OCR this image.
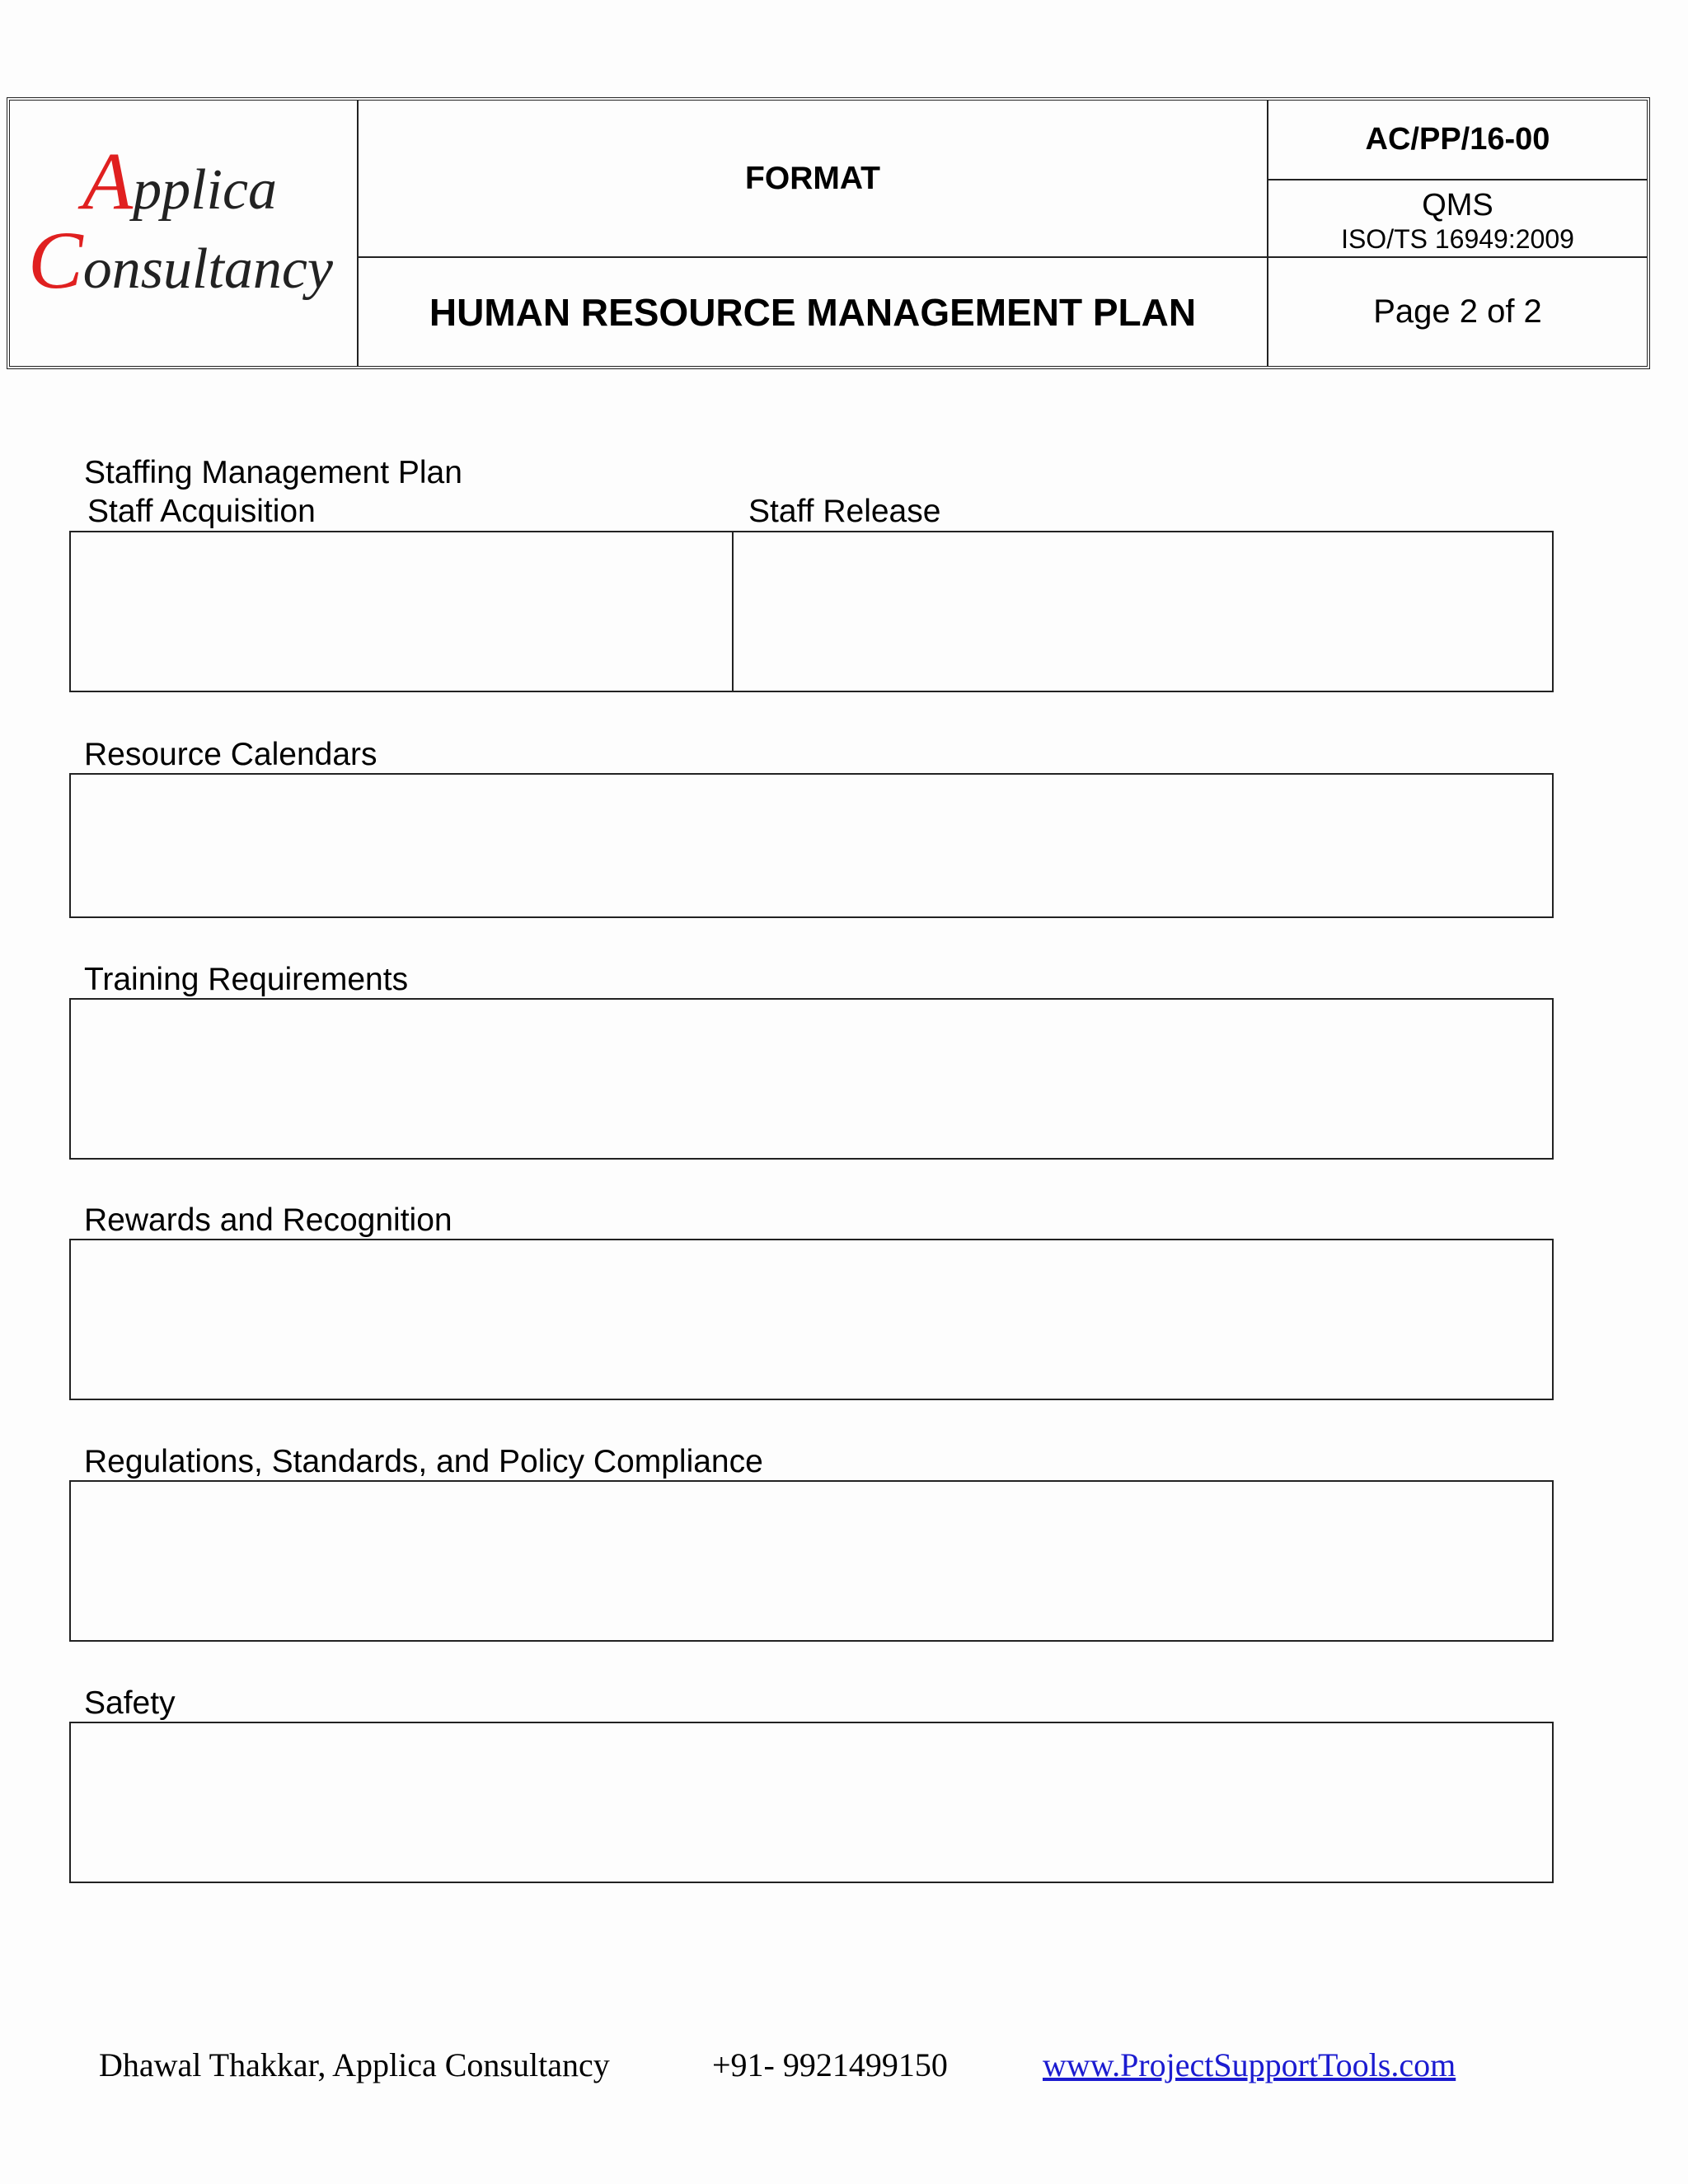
Applica
Consultancy
FORMAT
HUMAN RESOURCE MANAGEMENT PLAN
AC/PP/16-00
QMS
ISO/TS 16949:2009
Page 2 of 2
Staffing Management Plan
Staff Acquisition	Staff Release
Resource Calendars
Training Requirements
Rewards and Recognition
Regulations, Standards, and Policy Compliance
Safety
Dhawal Thakkar, Applica Consultancy	+91- 9921499150	www.ProjectSupportTools.com
